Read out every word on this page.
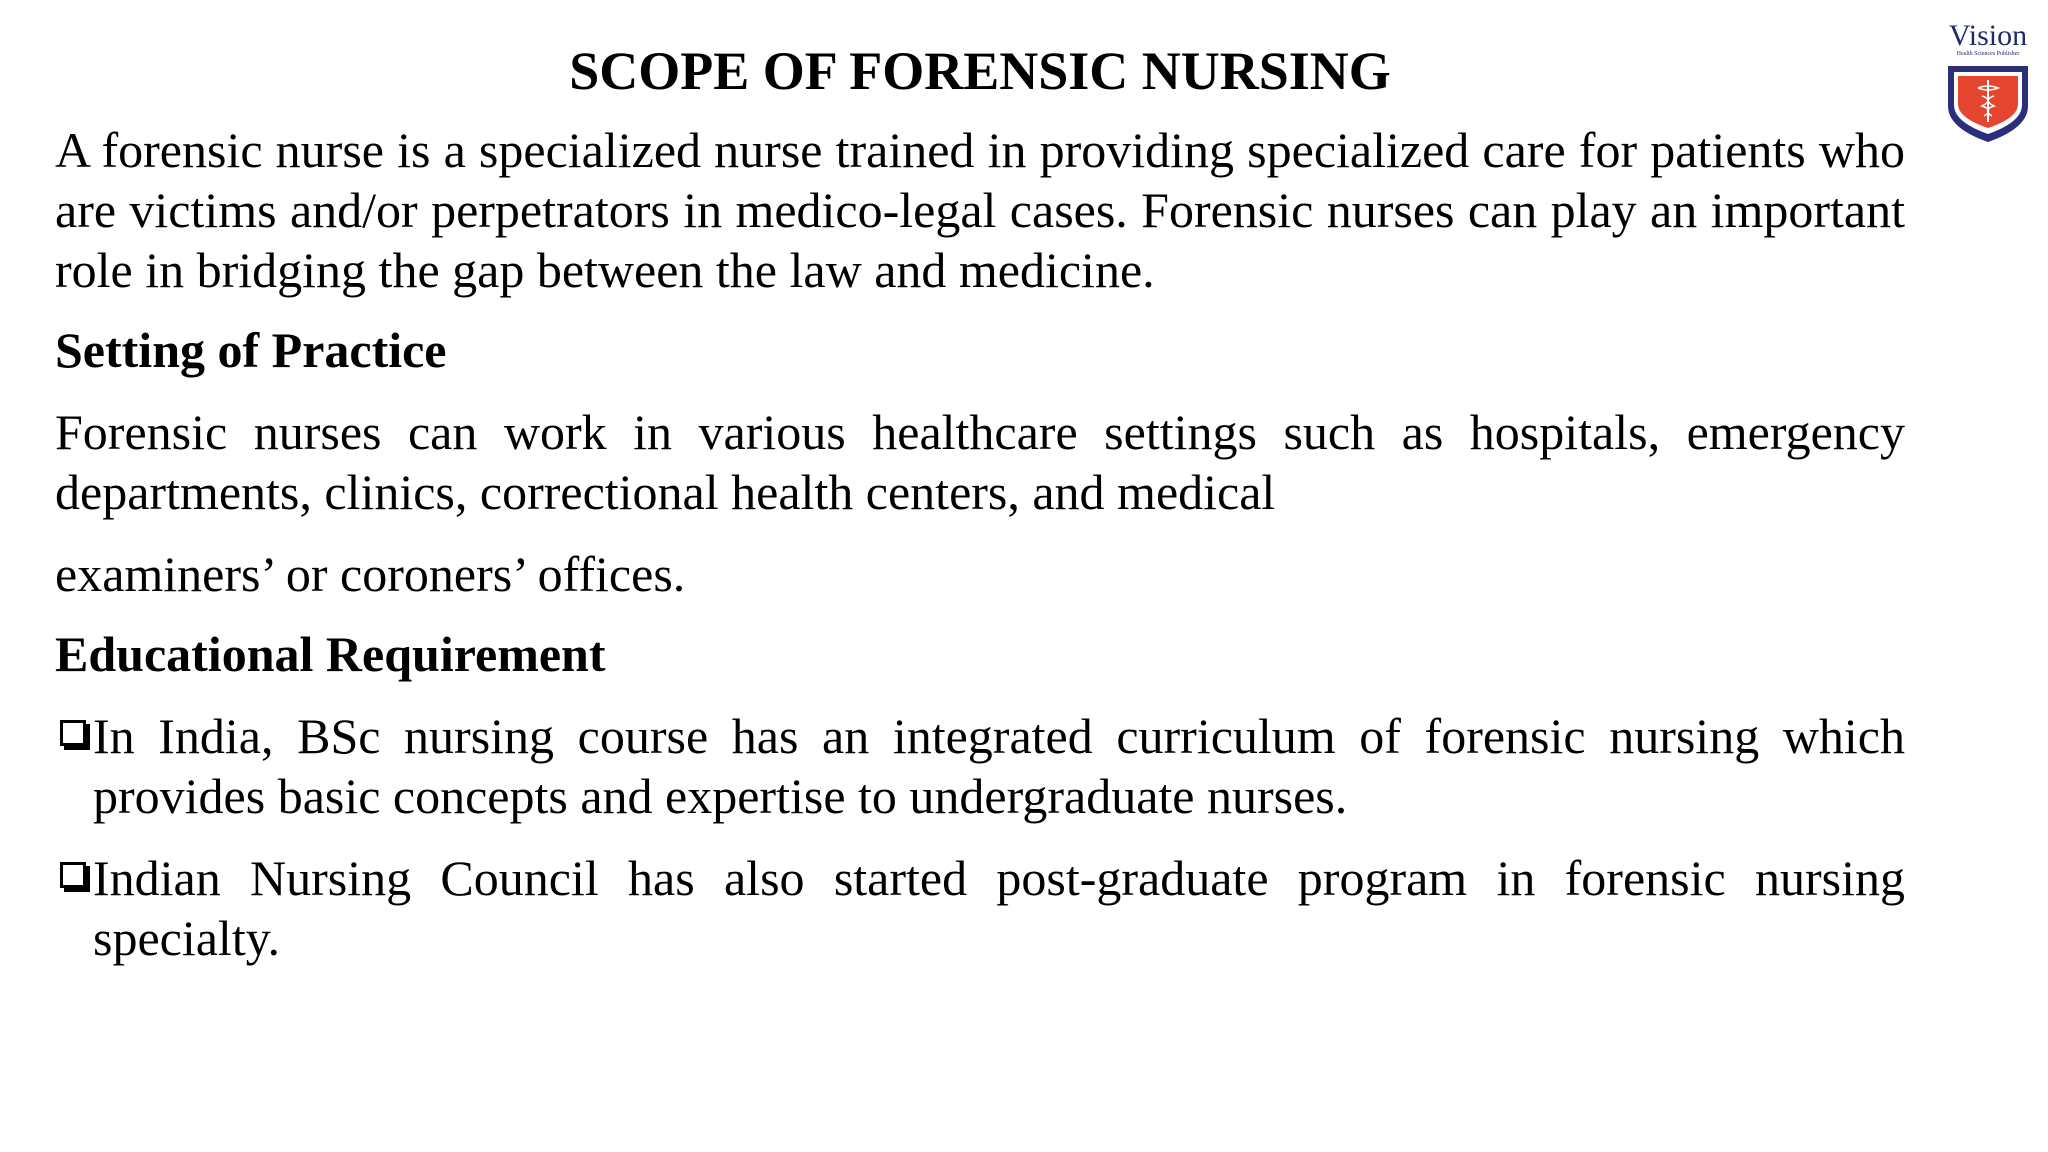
Vision
Health Sciences Publisher
SCOPE OF FORENSIC NURSING

A forensic nurse is a specialized nurse trained in providing specialized care for patients who are victims and/or perpetrators in medico-legal cases. Forensic nurses can play an important role in bridging the gap between the law and medicine.

Setting of Practice

Forensic nurses can work in various healthcare settings such as hospitals, emergency departments, clinics, correctional health centers, and medical

examiners’ or coroners’ offices.

Educational Requirement
In India, BSc nursing course has an integrated curriculum of forensic nursing which provides basic concepts and expertise to undergraduate nurses.
Indian Nursing Council has also started post-graduate program in forensic nursing specialty.
